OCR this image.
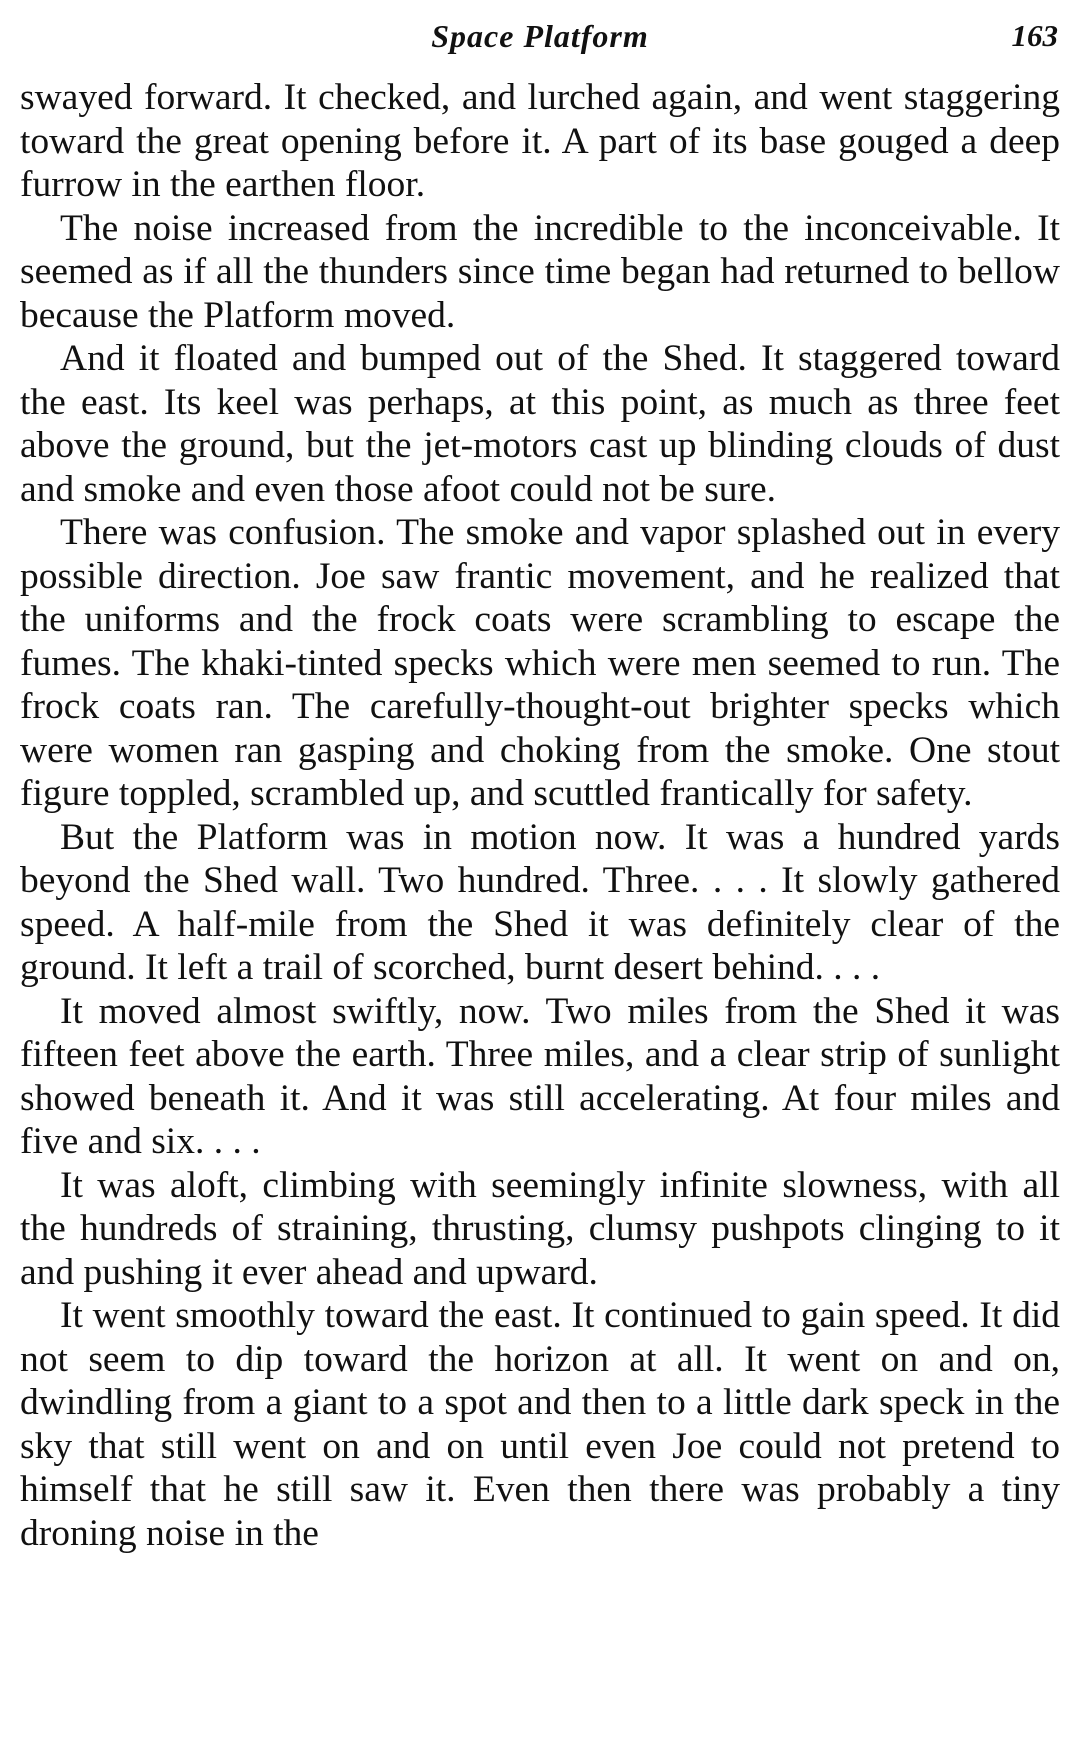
Space Platform	163

swayed forward. It checked, and lurched again, and went staggering toward the great opening before it. A part of its base gouged a deep furrow in the earthen floor.

The noise increased from the incredible to the inconceivable. It seemed as if all the thunders since time began had returned to bellow because the Platform moved.

And it floated and bumped out of the Shed. It staggered toward the east. Its keel was perhaps, at this point, as much as three feet above the ground, but the jet-motors cast up blinding clouds of dust and smoke and even those afoot could not be sure.

There was confusion. The smoke and vapor splashed out in every possible direction. Joe saw frantic movement, and he realized that the uniforms and the frock coats were scrambling to escape the fumes. The khaki-tinted specks which were men seemed to run. The frock coats ran. The carefully-thought-out brighter specks which were women ran gasping and choking from the smoke. One stout figure toppled, scrambled up, and scuttled frantically for safety.

But the Platform was in motion now. It was a hundred yards beyond the Shed wall. Two hundred. Three. . . . It slowly gathered speed. A half-mile from the Shed it was definitely clear of the ground. It left a trail of scorched, burnt desert behind. . . .

It moved almost swiftly, now. Two miles from the Shed it was fifteen feet above the earth. Three miles, and a clear strip of sunlight showed beneath it. And it was still accelerating. At four miles and five and six. . . .

It was aloft, climbing with seemingly infinite slowness, with all the hundreds of straining, thrusting, clumsy pushpots clinging to it and pushing it ever ahead and upward.

It went smoothly toward the east. It continued to gain speed. It did not seem to dip toward the horizon at all. It went on and on, dwindling from a giant to a spot and then to a little dark speck in the sky that still went on and on until even Joe could not pretend to himself that he still saw it. Even then there was probably a tiny droning noise in the
